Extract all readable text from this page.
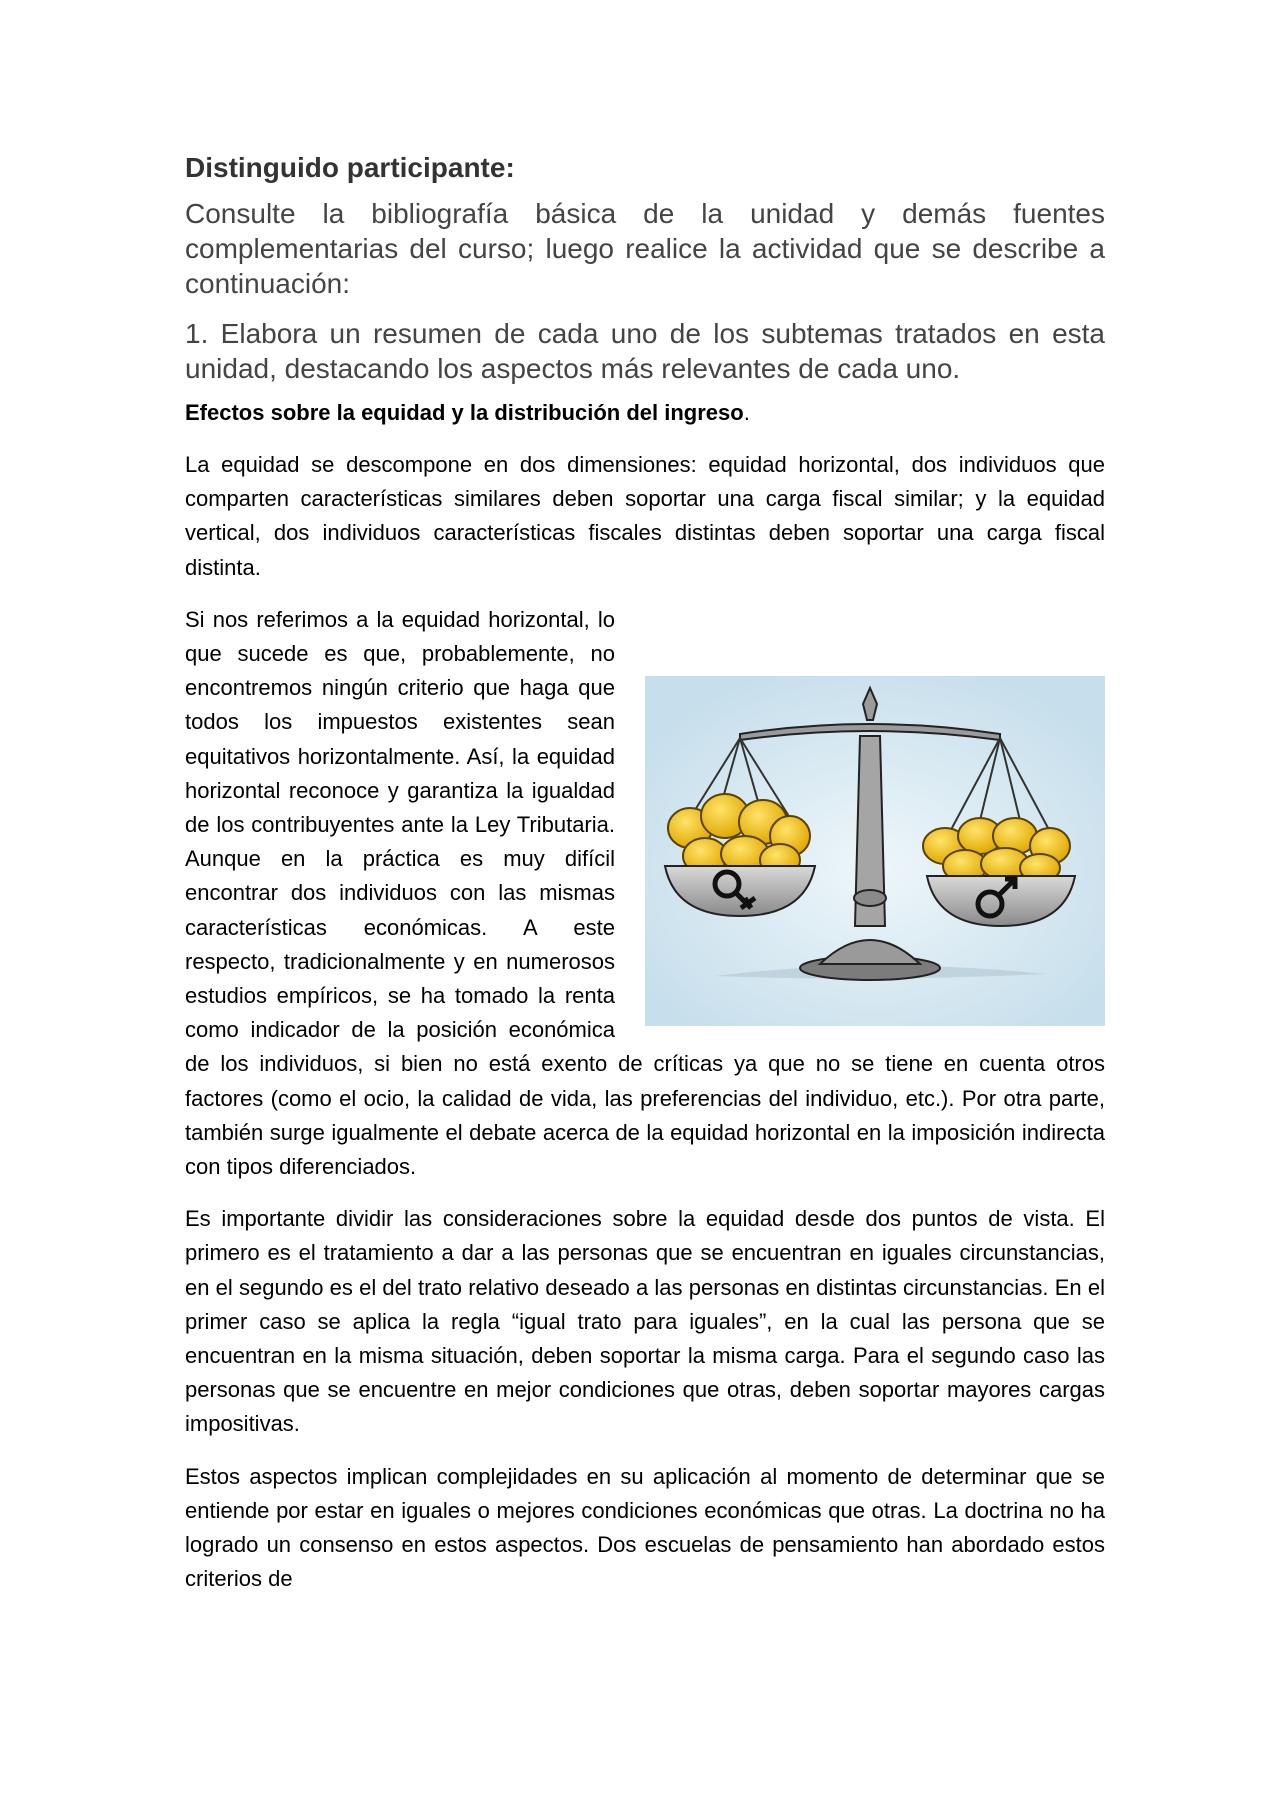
Distinguido participante:

Consulte la bibliografía básica de la unidad y demás fuentes complementarias del curso; luego realice la actividad que se describe a continuación:

1. Elabora un resumen de cada uno de los subtemas tratados en esta unidad, destacando los aspectos más relevantes de cada uno.

Efectos sobre la equidad y la distribución del ingreso.

La equidad se descompone en dos dimensiones: equidad horizontal, dos individuos que comparten características similares deben soportar una carga fiscal similar; y la equidad vertical, dos individuos características fiscales distintas deben soportar una carga fiscal distinta.

Si nos referimos a la equidad horizontal, lo que sucede es que, probablemente, no encontremos ningún criterio que haga que todos los impuestos existentes sean equitativos horizontalmente. Así, la equidad horizontal reconoce y garantiza la igualdad de los contribuyentes ante la Ley Tributaria. Aunque en la práctica es muy difícil encontrar dos individuos con las mismas características económicas. A este respecto, tradicionalmente y en numerosos estudios empíricos, se ha tomado la renta como indicador de la posición económica de los individuos, si bien no está exento de críticas ya que no se tiene en cuenta otros factores (como el ocio, la calidad de vida, las preferencias del individuo, etc.). Por otra parte, también surge igualmente el debate acerca de la equidad horizontal en la imposición indirecta con tipos diferenciados.

Es importante dividir las consideraciones sobre la equidad desde dos puntos de vista. El primero es el tratamiento a dar a las personas que se encuentran en iguales circunstancias, en el segundo es el del trato relativo deseado a las personas en distintas circunstancias. En el primer caso se aplica la regla “igual trato para iguales”, en la cual las persona que se encuentran en la misma situación, deben soportar la misma carga. Para el segundo caso las personas que se encuentre en mejor condiciones que otras, deben soportar mayores cargas impositivas.

Estos aspectos implican complejidades en su aplicación al momento de determinar que se entiende por estar en iguales o mejores condiciones económicas que otras. La doctrina no ha logrado un consenso en estos aspectos. Dos escuelas de pensamiento han abordado estos criterios de
